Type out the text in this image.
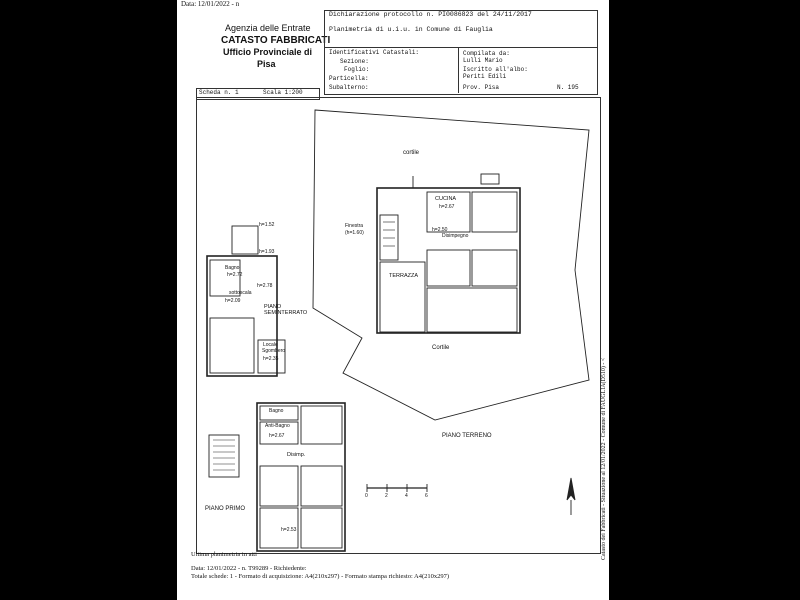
Data: 12/01/2022 - n
Agenzia delle Entrate
CATASTO FABBRICATI
Ufficio Provinciale di
Pisa
Dichiarazione protocollo n. PI0086823 del 24/11/2017
Planimetria di u.i.u. in Comune di Fauglia
Identificativi Catastali:
Sezione:
Foglio:
Particella:
Subalterno:
Compilata da:
Lulli Mario
Iscritto all'albo:
Periti Edili
Prov. Pisa	N. 195
Scheda n. 1	Scala 1:200
cortile
Cortile
CUCINA
h=2.67
Finestra
(h=1.60)	h=2.50
Disimpegno
TERRAZZA
h=1.52
h=1.93
Bagno
h=2.72
h=2.78
sottoscala
h=2.09
PIANO
SEMINTERRATO
Locale
Sgombero
h=2.35
PIANO TERRENO
Bagno
Anti-Bagno
h=2.67
Disimp.
PIANO PRIMO
h=2.53
0	2	4	6	Catasto dei Fabbricati - Situazione al 12/01/2022 - Comune di FAUGLIA(D510) - <
Ultima planimetria in atti
Data: 12/01/2022 - n. T99289 - Richiedente:
Totale schede: 1 - Formato di acquisizione: A4(210x297) - Formato stampa richiesto: A4(210x297)
